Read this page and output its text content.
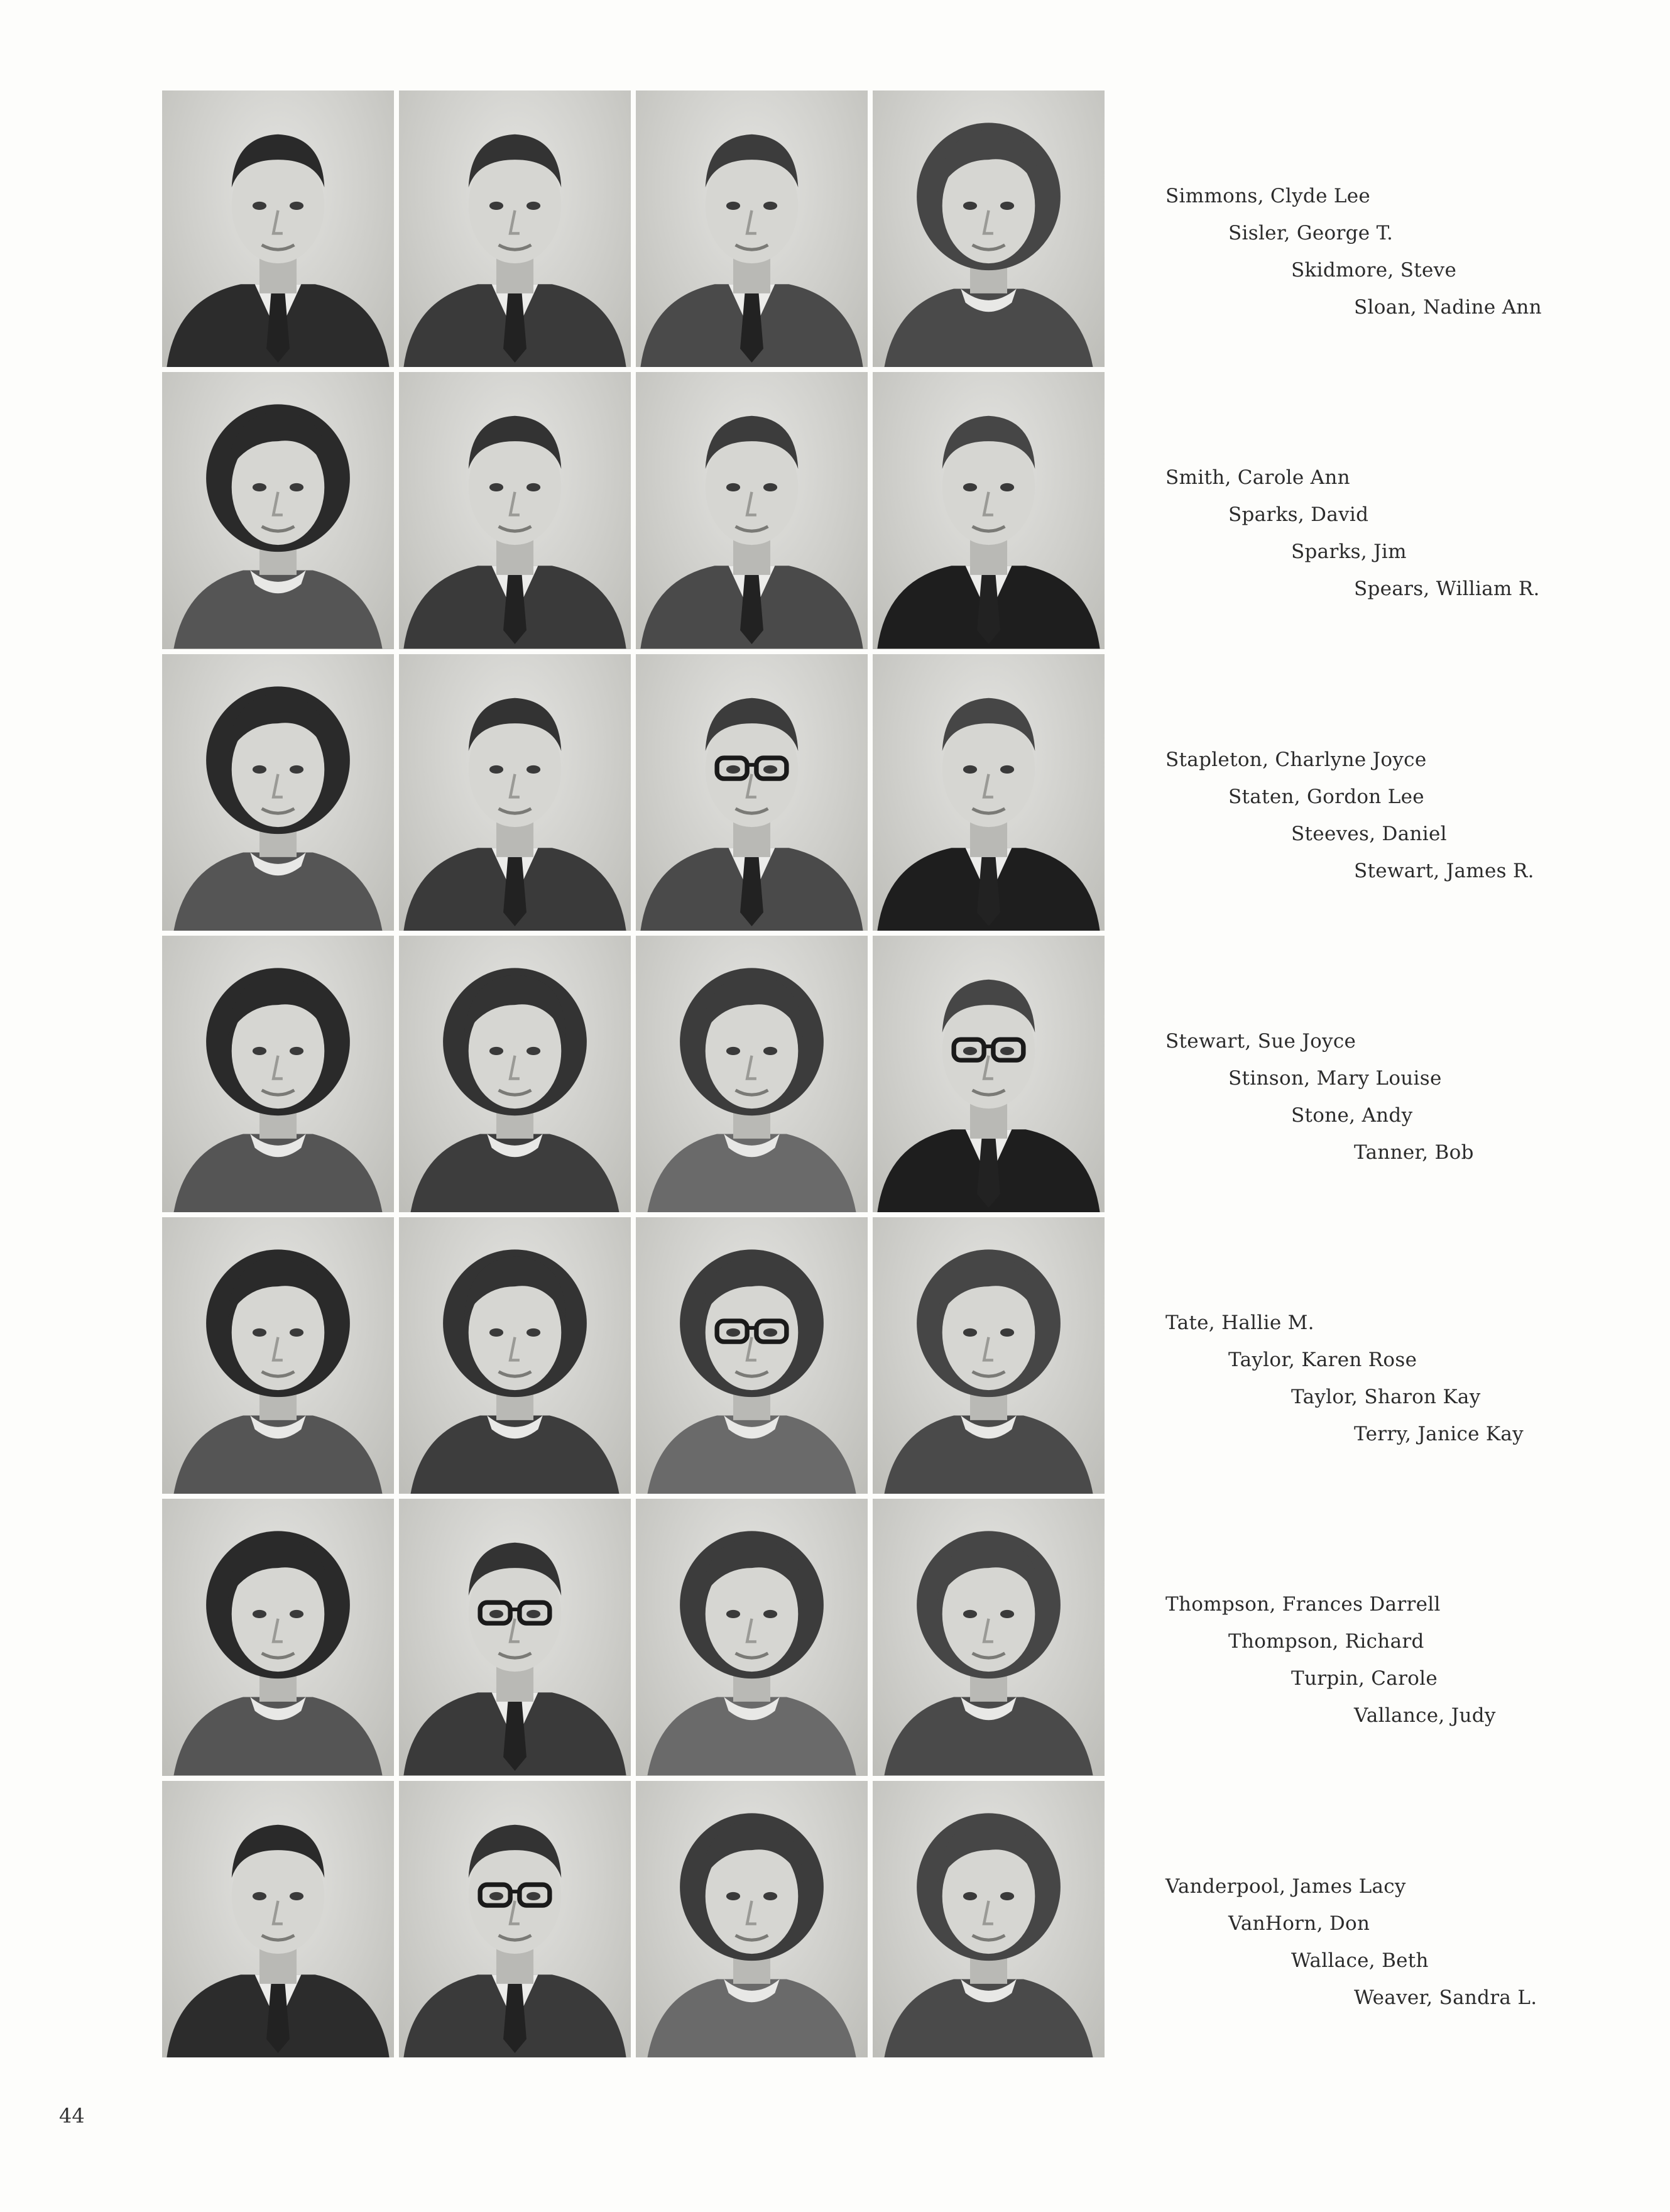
Simmons, Clyde Lee
Sisler, George T.
Skidmore, Steve
Sloan, Nadine Ann
Smith, Carole Ann
Sparks, David
Sparks, Jim
Spears, William R.
Stapleton, Charlyne Joyce
Staten, Gordon Lee
Steeves, Daniel
Stewart, James R.
Stewart, Sue Joyce
Stinson, Mary Louise
Stone, Andy
Tanner, Bob
Tate, Hallie M.
Taylor, Karen Rose
Taylor, Sharon Kay
Terry, Janice Kay
Thompson, Frances Darrell
Thompson, Richard
Turpin, Carole
Vallance, Judy
Vanderpool, James Lacy
VanHorn, Don
Wallace, Beth
Weaver, Sandra L.
44
